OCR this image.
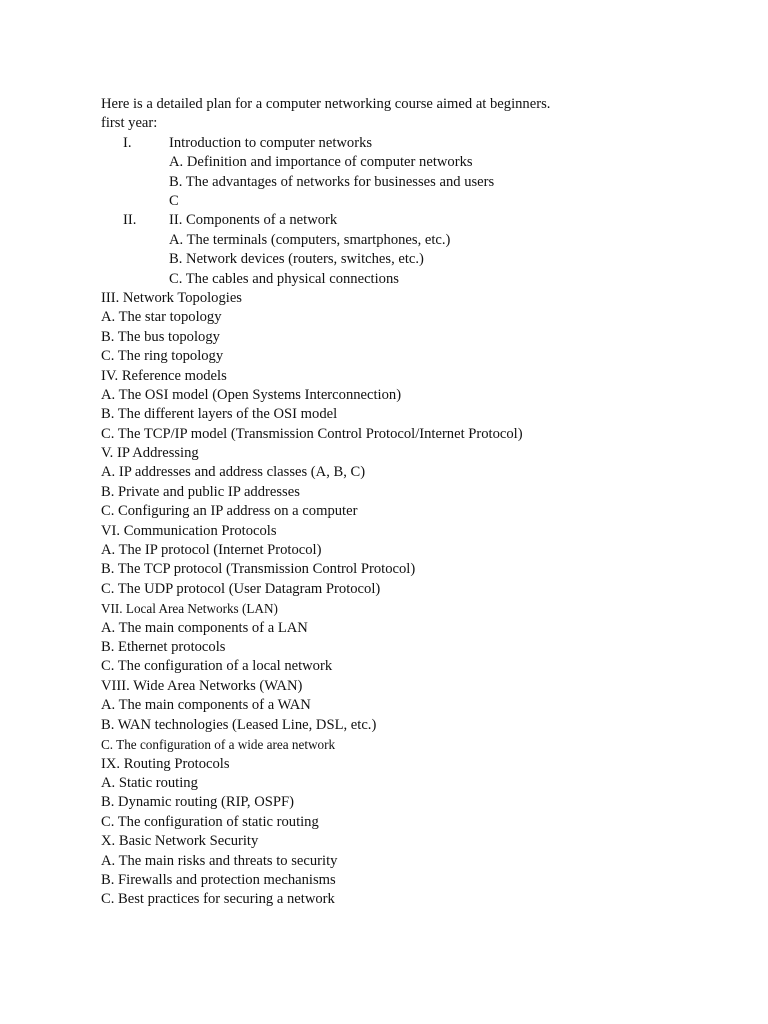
Here is a detailed plan for a computer networking course aimed at beginners.
first year:
I.	Introduction to computer networks
A. Definition and importance of computer networks
B. The advantages of networks for businesses and users
C
II. II. Components of a network
A. The terminals (computers, smartphones, etc.)
B. Network devices (routers, switches, etc.)
C. The cables and physical connections
III. Network Topologies
A. The star topology
B. The bus topology
C. The ring topology
IV. Reference models
A. The OSI model (Open Systems Interconnection)
B. The different layers of the OSI model
C. The TCP/IP model (Transmission Control Protocol/Internet Protocol)
V. IP Addressing
A. IP addresses and address classes (A, B, C)
B. Private and public IP addresses
C. Configuring an IP address on a computer
VI. Communication Protocols
A. The IP protocol (Internet Protocol)
B. The TCP protocol (Transmission Control Protocol)
C. The UDP protocol (User Datagram Protocol)
VII. Local Area Networks (LAN)
A. The main components of a LAN
B. Ethernet protocols
C. The configuration of a local network
VIII. Wide Area Networks (WAN)
A. The main components of a WAN
B. WAN technologies (Leased Line, DSL, etc.)
C. The configuration of a wide area network
IX. Routing Protocols
A. Static routing
B. Dynamic routing (RIP, OSPF)
C. The configuration of static routing
X. Basic Network Security
A. The main risks and threats to security
B. Firewalls and protection mechanisms
C. Best practices for securing a network
